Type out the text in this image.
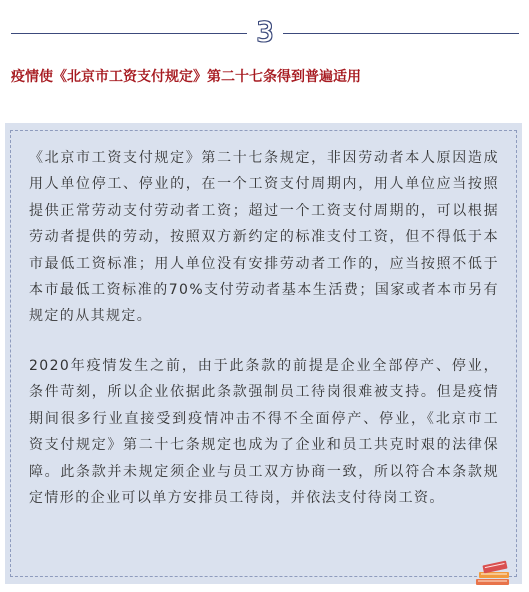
3
疫情使《北京市工资支付规定》第二十七条得到普遍适用

《北京市工资支付规定》第二十七条规定，非因劳动者本人原因造成用人单位停工、停业的，在一个工资支付周期内，用人单位应当按照提供正常劳动支付劳动者工资；超过一个工资支付周期的，可以根据劳动者提供的劳动，按照双方新约定的标准支付工资，但不得低于本市最低工资标准；用人单位没有安排劳动者工作的，应当按照不低于本市最低工资标准的70%支付劳动者基本生活费；国家或者本市另有规定的从其规定。

2020年疫情发生之前，由于此条款的前提是企业全部停产、停业，条件苛刻，所以企业依据此条款强制员工待岗很难被支持。但是疫情期间很多行业直接受到疫情冲击不得不全面停产、停业，《北京市工资支付规定》第二十七条规定也成为了企业和员工共克时艰的法律保障。此条款并未规定须企业与员工双方协商一致，所以符合本条款规定情形的企业可以单方安排员工待岗，并依法支付待岗工资。
